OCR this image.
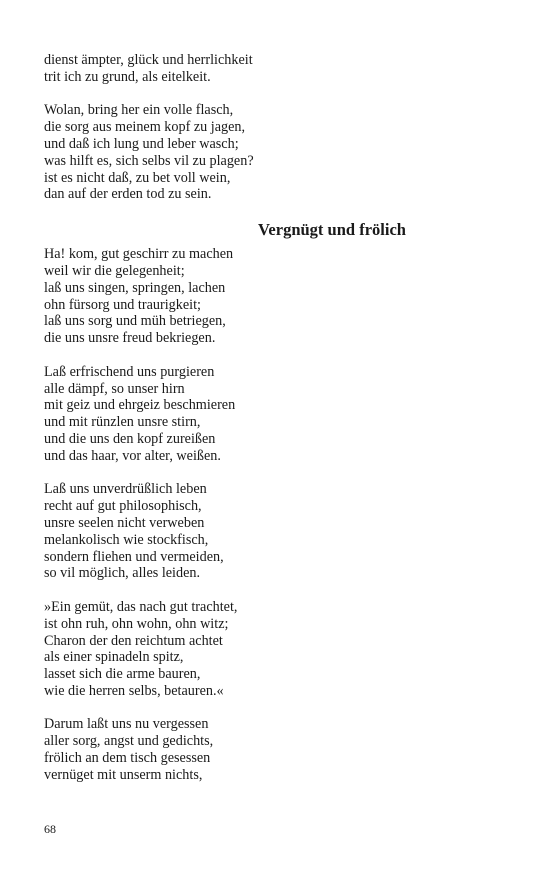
dienst ämpter, glück und herrlichkeit
trit ich zu grund, als eitelkeit.
Wolan, bring her ein volle flasch,
die sorg aus meinem kopf zu jagen,
und daß ich lung und leber wasch;
was hilft es, sich selbs vil zu plagen?
ist es nicht daß, zu bet voll wein,
dan auf der erden tod zu sein.
Vergnügt und frölich
Ha! kom, gut geschirr zu machen
weil wir die gelegenheit;
laß uns singen, springen, lachen
ohn fürsorg und traurigkeit;
laß uns sorg und müh betriegen,
die uns unsre freud bekriegen.
Laß erfrischend uns purgieren
alle dämpf, so unser hirn
mit geiz und ehrgeiz beschmieren
und mit rünzlen unsre stirn,
und die uns den kopf zureißen
und das haar, vor alter, weißen.
Laß uns unverdrüßlich leben
recht auf gut philosophisch,
unsre seelen nicht verweben
melankolisch wie stockfisch,
sondern fliehen und vermeiden,
so vil möglich, alles leiden.
»Ein gemüt, das nach gut trachtet,
ist ohn ruh, ohn wohn, ohn witz;
Charon der den reichtum achtet
als einer spinadeln spitz,
lasset sich die arme bauren,
wie die herren selbs, betauren.«
Darum laßt uns nu vergessen
aller sorg, angst und gedichts,
frölich an dem tisch gesessen
vernüget mit unserm nichts,
68
